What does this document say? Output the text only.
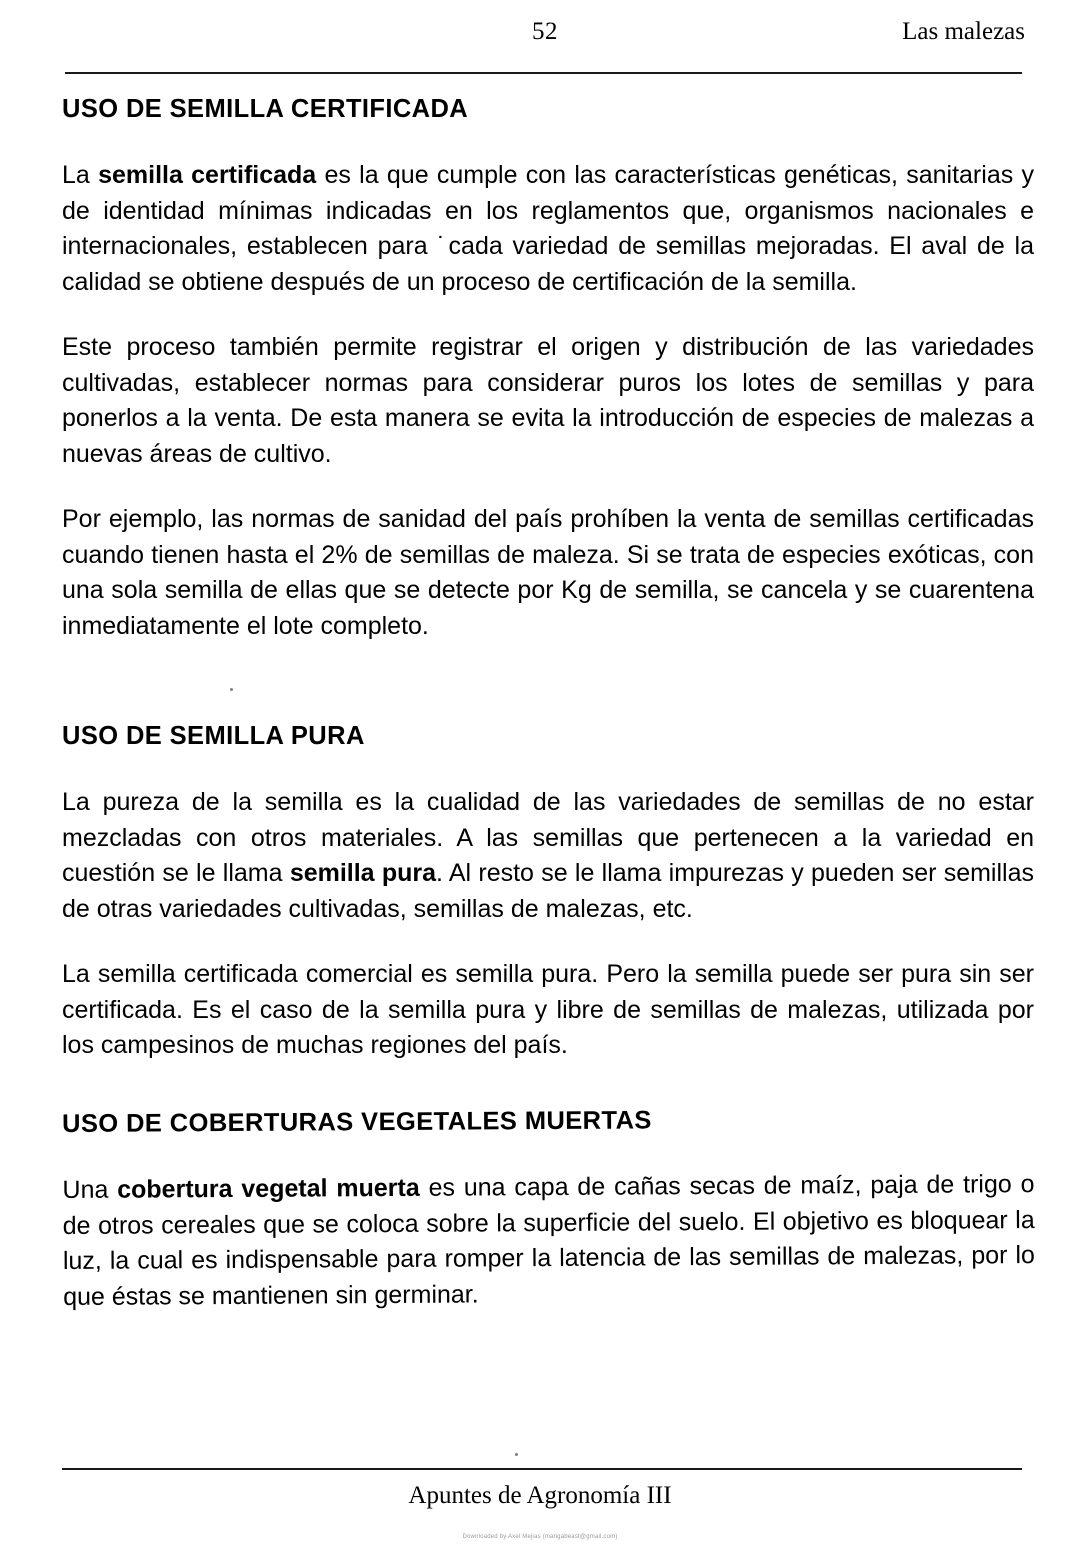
52	Las malezas
USO DE SEMILLA CERTIFICADA

La semilla certificada es la que cumple con las características genéticas, sanitarias y de identidad mínimas indicadas en los reglamentos que, organismos nacionales e internacionales, establecen para ˙cada variedad de semillas mejoradas. El aval de la calidad se obtiene después de un proceso de certificación de la semilla.

Este proceso también permite registrar el origen y distribución de las variedades cultivadas, establecer normas para considerar puros los lotes de semillas y para ponerlos a la venta. De esta manera se evita la introducción de especies de malezas a nuevas áreas de cultivo.

Por ejemplo, las normas de sanidad del país prohíben la venta de semillas certificadas cuando tienen hasta el 2% de semillas de maleza. Si se trata de especies exóticas, con una sola semilla de ellas que se detecte por Kg de semilla, se cancela y se cuarentena inmediatamente el lote completo.

USO DE SEMILLA PURA

La pureza de la semilla es la cualidad de las variedades de semillas de no estar mezcladas con otros materiales. A las semillas que pertenecen a la variedad en cuestión se le llama semilla pura. Al resto se le llama impurezas y pueden ser semillas de otras variedades cultivadas, semillas de malezas, etc.

La semilla certificada comercial es semilla pura. Pero la semilla puede ser pura sin ser certificada. Es el caso de la semilla pura y libre de semillas de malezas, utilizada por los campesinos de muchas regiones del país.

USO DE COBERTURAS VEGETALES MUERTAS

Una cobertura vegetal muerta es una capa de cañas secas de maíz, paja de trigo o de otros cereales que se coloca sobre la superficie del suelo. El objetivo es bloquear la luz, la cual es indispensable para romper la latencia de las semillas de malezas, por lo que éstas se mantienen sin germinar.

Apuntes de Agronomía III
Downloaded by Axel Mejias (mangabeast@gmail.com)
